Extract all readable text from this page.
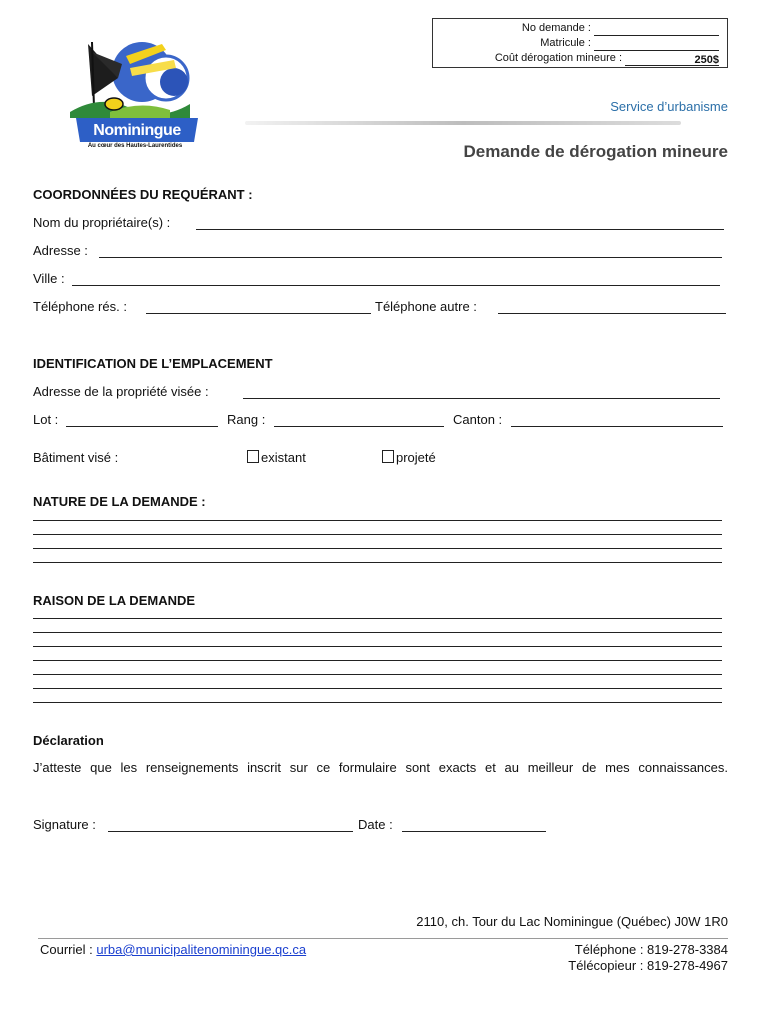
No demande :
Matricule :
Coût dérogation mineure :	250$
Nominingue
Au cœur des Hautes-Laurentides
Service d’urbanisme
Demande de dérogation mineure
COORDONNÉES DU REQUÉRANT :
Nom du propriétaire(s) :
Adresse :
Ville :
Téléphone rés. :	Téléphone autre :
IDENTIFICATION DE L’EMPLACEMENT
Adresse de la propriété visée :
Lot :	Rang :	Canton :
Bâtiment visé :	existant	projeté
NATURE DE LA DEMANDE :
RAISON DE LA DEMANDE
Déclaration
J’atteste que les renseignements inscrit sur ce formulaire sont exacts et au meilleur de mes connaissances.
Signature :	Date :
2110, ch. Tour du Lac Nominingue (Québec) J0W 1R0
Courriel : urba@municipalitenominingue.qc.ca	Téléphone : 819-278-3384
Télécopieur : 819-278-4967
